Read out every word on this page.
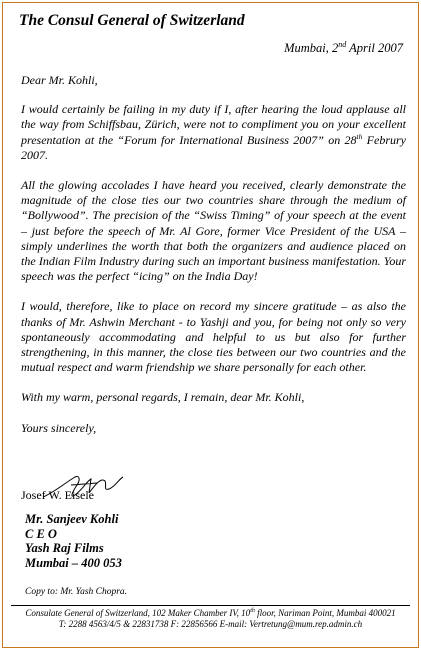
The Consul General of Switzerland
Mumbai, 2nd April 2007

Dear Mr. Kohli,

I would certainly be failing in my duty if I, after hearing the loud applause all the way from Schiffsbau, Zürich, were not to compliment you on your excellent presentation at the “Forum for International Business 2007” on 28th Februry 2007.

All the glowing accolades I have heard you received, clearly demonstrate the magnitude of the close ties our two countries share through the medium of “Bollywood”. The precision of the “Swiss Timing” of your speech at the event – just before the speech of Mr. Al Gore, former Vice President of the USA – simply underlines the worth that both the organizers and audience placed on the Indian Film Industry during such an important business manifestation. Your speech was the perfect “icing” on the India Day!

I would, therefore, like to place on record my sincere gratitude – as also the thanks of Mr. Ashwin Merchant - to Yashji and you, for being not only so very spontaneously accommodating and helpful to us but also for further strengthening, in this manner, the close ties between our two countries and the mutual respect and warm friendship we share personally for each other.

With my warm, personal regards, I remain, dear Mr. Kohli,

Yours sincerely,

Josef W. Eisele
Mr. Sanjeev Kohli
C E O
Yash Raj Films
Mumbai – 400 053
Copy to: Mr. Yash Chopra.
Consulate General of Switzerland, 102 Maker Chamber IV, 10th floor, Nariman Point, Mumbai 400021
T: 2288 4563/4/5 & 22831738 F: 22856566 E-mail: Vertretung@mum.rep.admin.ch
